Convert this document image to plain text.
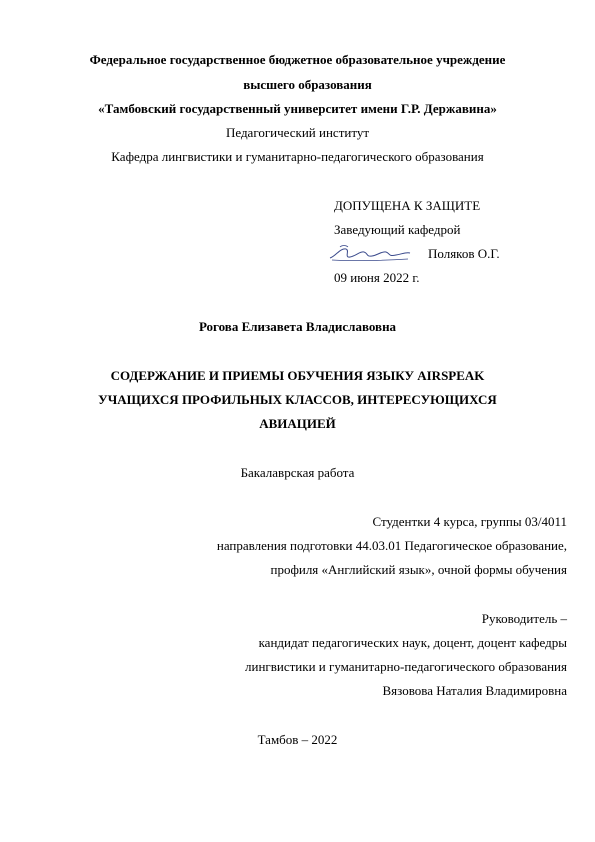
Федеральное государственное бюджетное образовательное учреждение
высшего образования
«Тамбовский государственный университет имени Г.Р. Державина»
Педагогический институт
Кафедра лингвистики и гуманитарно-педагогического образования
ДОПУЩЕНА К ЗАЩИТЕ
Заведующий кафедрой
Поляков О.Г.
09 июня 2022 г.
Рогова Елизавета Владиславовна
СОДЕРЖАНИЕ И ПРИЕМЫ ОБУЧЕНИЯ ЯЗЫКУ AIRSPEAK
УЧАЩИХСЯ ПРОФИЛЬНЫХ КЛАССОВ, ИНТЕРЕСУЮЩИХСЯ
АВИАЦИЕЙ
Бакалаврская работа
Студентки 4 курса, группы 03/4011
направления подготовки 44.03.01 Педагогическое образование,
профиля «Английский язык», очной формы обучения
Руководитель –
кандидат педагогических наук, доцент, доцент кафедры
лингвистики и гуманитарно-педагогического образования
Вязовова Наталия Владимировна
Тамбов – 2022
